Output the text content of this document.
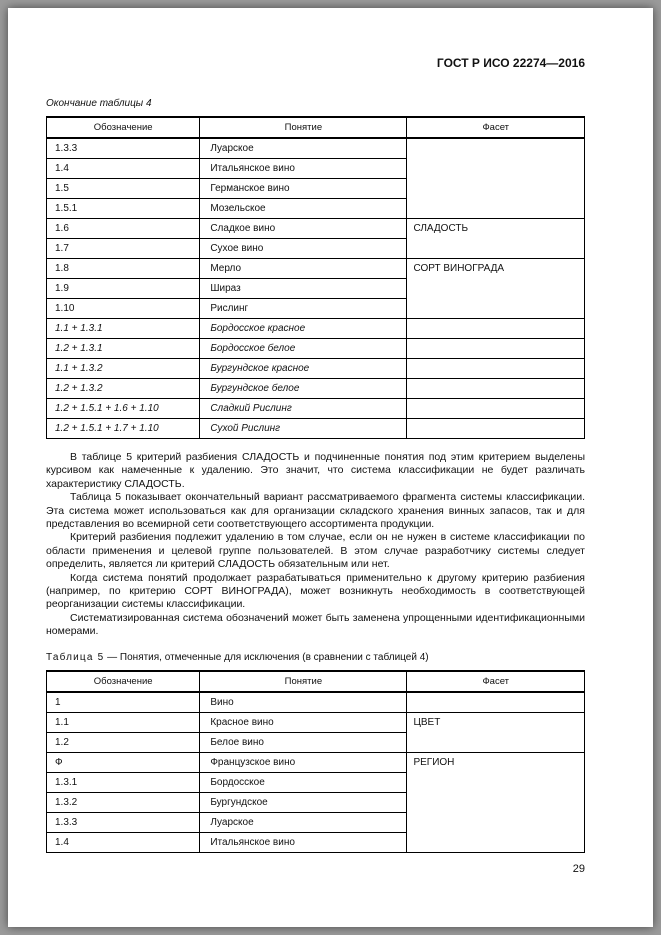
ГОСТ Р ИСО 22274—2016
Окончание таблицы 4
Обозначение	Понятие	Фасет
1.3.3	Луарское	
1.4	Итальянское вино	
1.5	Германское вино	
1.5.1	Мозельское	
1.6	Сладкое вино	СЛАДОСТЬ
1.7	Сухое вино	
1.8	Мерло	СОРТ ВИНОГРАДА
1.9	Шираз	
1.10	Рислинг	
1.1 + 1.3.1	Бордосское красное	
1.2 + 1.3.1	Бордосское белое	
1.1 + 1.3.2	Бургундское красное	
1.2 + 1.3.2	Бургундское белое	
1.2 + 1.5.1 + 1.6 + 1.10	Сладкий Рислинг	
1.2 + 1.5.1 + 1.7 + 1.10	Сухой Рислинг	

В таблице 5 критерий разбиения СЛАДОСТЬ и подчиненные понятия под этим критерием выделены курсивом как намеченные к удалению. Это значит, что система классификации не будет различать характеристику СЛАДОСТЬ.

Таблица 5 показывает окончательный вариант рассматриваемого фрагмента системы классификации. Эта система может использоваться как для организации складского хранения винных запасов, так и для представления во всемирной сети соответствующего ассортимента продукции.

Критерий разбиения подлежит удалению в том случае, если он не нужен в системе классификации по области применения и целевой группе пользователей. В этом случае разработчику системы следует определить, является ли критерий СЛАДОСТЬ обязательным или нет.

Когда система понятий продолжает разрабатываться применительно к другому критерию разбиения (например, по критерию СОРТ ВИНОГРАДА), может возникнуть необходимость в соответствующей реорганизации системы классификации.

Систематизированная система обозначений может быть заменена упрощенными идентификационными номерами.

Таблица 5 — Понятия, отмеченные для исключения (в сравнении с таблицей 4)
Обозначение	Понятие	Фасет
1	Вино	
1.1	Красное вино	ЦВЕТ
1.2	Белое вино	
Ф	Французское вино	РЕГИОН
1.3.1	Бордосское	
1.3.2	Бургундское	
1.3.3	Луарское	
1.4	Итальянское вино	
29
